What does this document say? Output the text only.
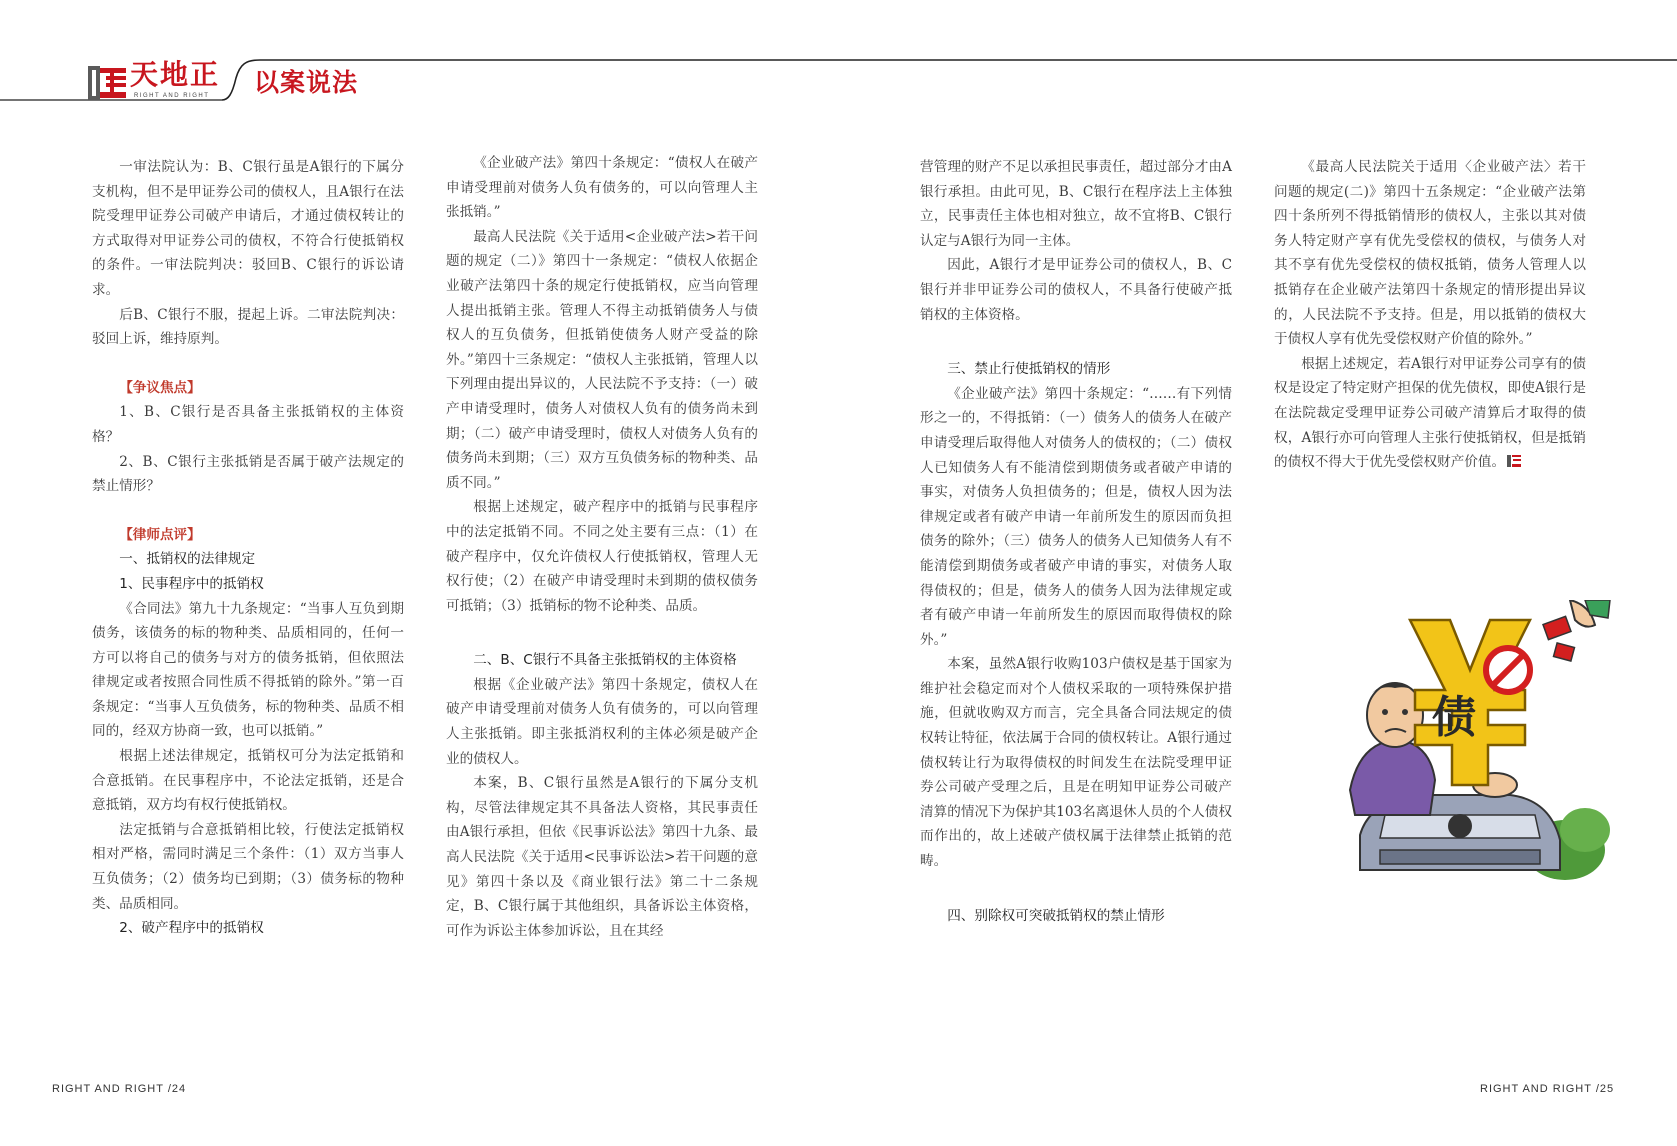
天地正
RIGHT AND RIGHT	以案说法

一审法院认为：B、C银行虽是A银行的下属分支机构，但不是甲证券公司的债权人，且A银行在法院受理甲证券公司破产申请后，才通过债权转让的方式取得对甲证券公司的债权，不符合行使抵销权的条件。一审法院判决：驳回B、C银行的诉讼请求。

后B、C银行不服，提起上诉。二审法院判决：驳回上诉，维持原判。

【争议焦点】

1、B、C银行是否具备主张抵销权的主体资格？

2、B、C银行主张抵销是否属于破产法规定的禁止情形？

【律师点评】

一、抵销权的法律规定

1、民事程序中的抵销权

《合同法》第九十九条规定：“当事人互负到期债务，该债务的标的物种类、品质相同的，任何一方可以将自己的债务与对方的债务抵销，但依照法律规定或者按照合同性质不得抵销的除外。”第一百条规定：“当事人互负债务，标的物种类、品质不相同的，经双方协商一致，也可以抵销。”

根据上述法律规定，抵销权可分为法定抵销和合意抵销。在民事程序中，不论法定抵销，还是合意抵销，双方均有权行使抵销权。

法定抵销与合意抵销相比较，行使法定抵销权相对严格，需同时满足三个条件：（1）双方当事人互负债务；（2）债务均已到期；（3）债务标的物种类、品质相同。

2、破产程序中的抵销权

《企业破产法》第四十条规定：“债权人在破产申请受理前对债务人负有债务的，可以向管理人主张抵销。”

最高人民法院《关于适用<企业破产法>若干问题的规定（二）》第四十一条规定：“债权人依据企业破产法第四十条的规定行使抵销权，应当向管理人提出抵销主张。管理人不得主动抵销债务人与债权人的互负债务，但抵销使债务人财产受益的除外。”第四十三条规定：“债权人主张抵销，管理人以下列理由提出异议的，人民法院不予支持：（一）破产申请受理时，债务人对债权人负有的债务尚未到期；（二）破产申请受理时，债权人对债务人负有的债务尚未到期；（三）双方互负债务标的物种类、品质不同。”

根据上述规定，破产程序中的抵销与民事程序中的法定抵销不同。不同之处主要有三点：（1）在破产程序中，仅允许债权人行使抵销权，管理人无权行使；（2）在破产申请受理时未到期的债权债务可抵销；（3）抵销标的物不论种类、品质。

二、B、C银行不具备主张抵销权的主体资格

根据《企业破产法》第四十条规定，债权人在破产申请受理前对债务人负有债务的，可以向管理人主张抵销。即主张抵消权利的主体必须是破产企业的债权人。

本案，B、C银行虽然是A银行的下属分支机构，尽管法律规定其不具备法人资格，其民事责任由A银行承担，但依《民事诉讼法》第四十九条、最高人民法院《关于适用<民事诉讼法>若干问题的意见》第四十条以及《商业银行法》第二十二条规定，B、C银行属于其他组织，具备诉讼主体资格，可作为诉讼主体参加诉讼，且在其经

营管理的财产不足以承担民事责任，超过部分才由A银行承担。由此可见，B、C银行在程序法上主体独立，民事责任主体也相对独立，故不宜将B、C银行认定与A银行为同一主体。

因此，A银行才是甲证券公司的债权人，B、C银行并非甲证券公司的债权人，不具备行使破产抵销权的主体资格。

三、禁止行使抵销权的情形

《企业破产法》第四十条规定：“……有下列情形之一的，不得抵销：（一）债务人的债务人在破产申请受理后取得他人对债务人的债权的；（二）债权人已知债务人有不能清偿到期债务或者破产申请的事实，对债务人负担债务的；但是，债权人因为法律规定或者有破产申请一年前所发生的原因而负担债务的除外；（三）债务人的债务人已知债务人有不能清偿到期债务或者破产申请的事实，对债务人取得债权的；但是，债务人的债务人因为法律规定或者有破产申请一年前所发生的原因而取得债权的除外。”

本案，虽然A银行收购103户债权是基于国家为维护社会稳定而对个人债权采取的一项特殊保护措施，但就收购双方而言，完全具备合同法规定的债权转让特征，依法属于合同的债权转让。A银行通过债权转让行为取得债权的时间发生在法院受理甲证券公司破产受理之后，且是在明知甲证券公司破产清算的情况下为保护其103名离退休人员的个人债权而作出的，故上述破产债权属于法律禁止抵销的范畴。

四、别除权可突破抵销权的禁止情形

《最高人民法院关于适用〈企业破产法〉若干问题的规定(二)》第四十五条规定：“企业破产法第四十条所列不得抵销情形的债权人，主张以其对债务人特定财产享有优先受偿权的债权，与债务人对其不享有优先受偿权的债权抵销，债务人管理人以抵销存在企业破产法第四十条规定的情形提出异议的，人民法院不予支持。但是，用以抵销的债权大于债权人享有优先受偿权财产价值的除外。”

根据上述规定，若A银行对甲证券公司享有的债权是设定了特定财产担保的优先债权，即使A银行是在法院裁定受理甲证券公司破产清算后才取得的债权，A银行亦可向管理人主张行使抵销权，但是抵销的债权不得大于优先受偿权财产价值。

债
RIGHT AND RIGHT /24	RIGHT AND RIGHT /25
